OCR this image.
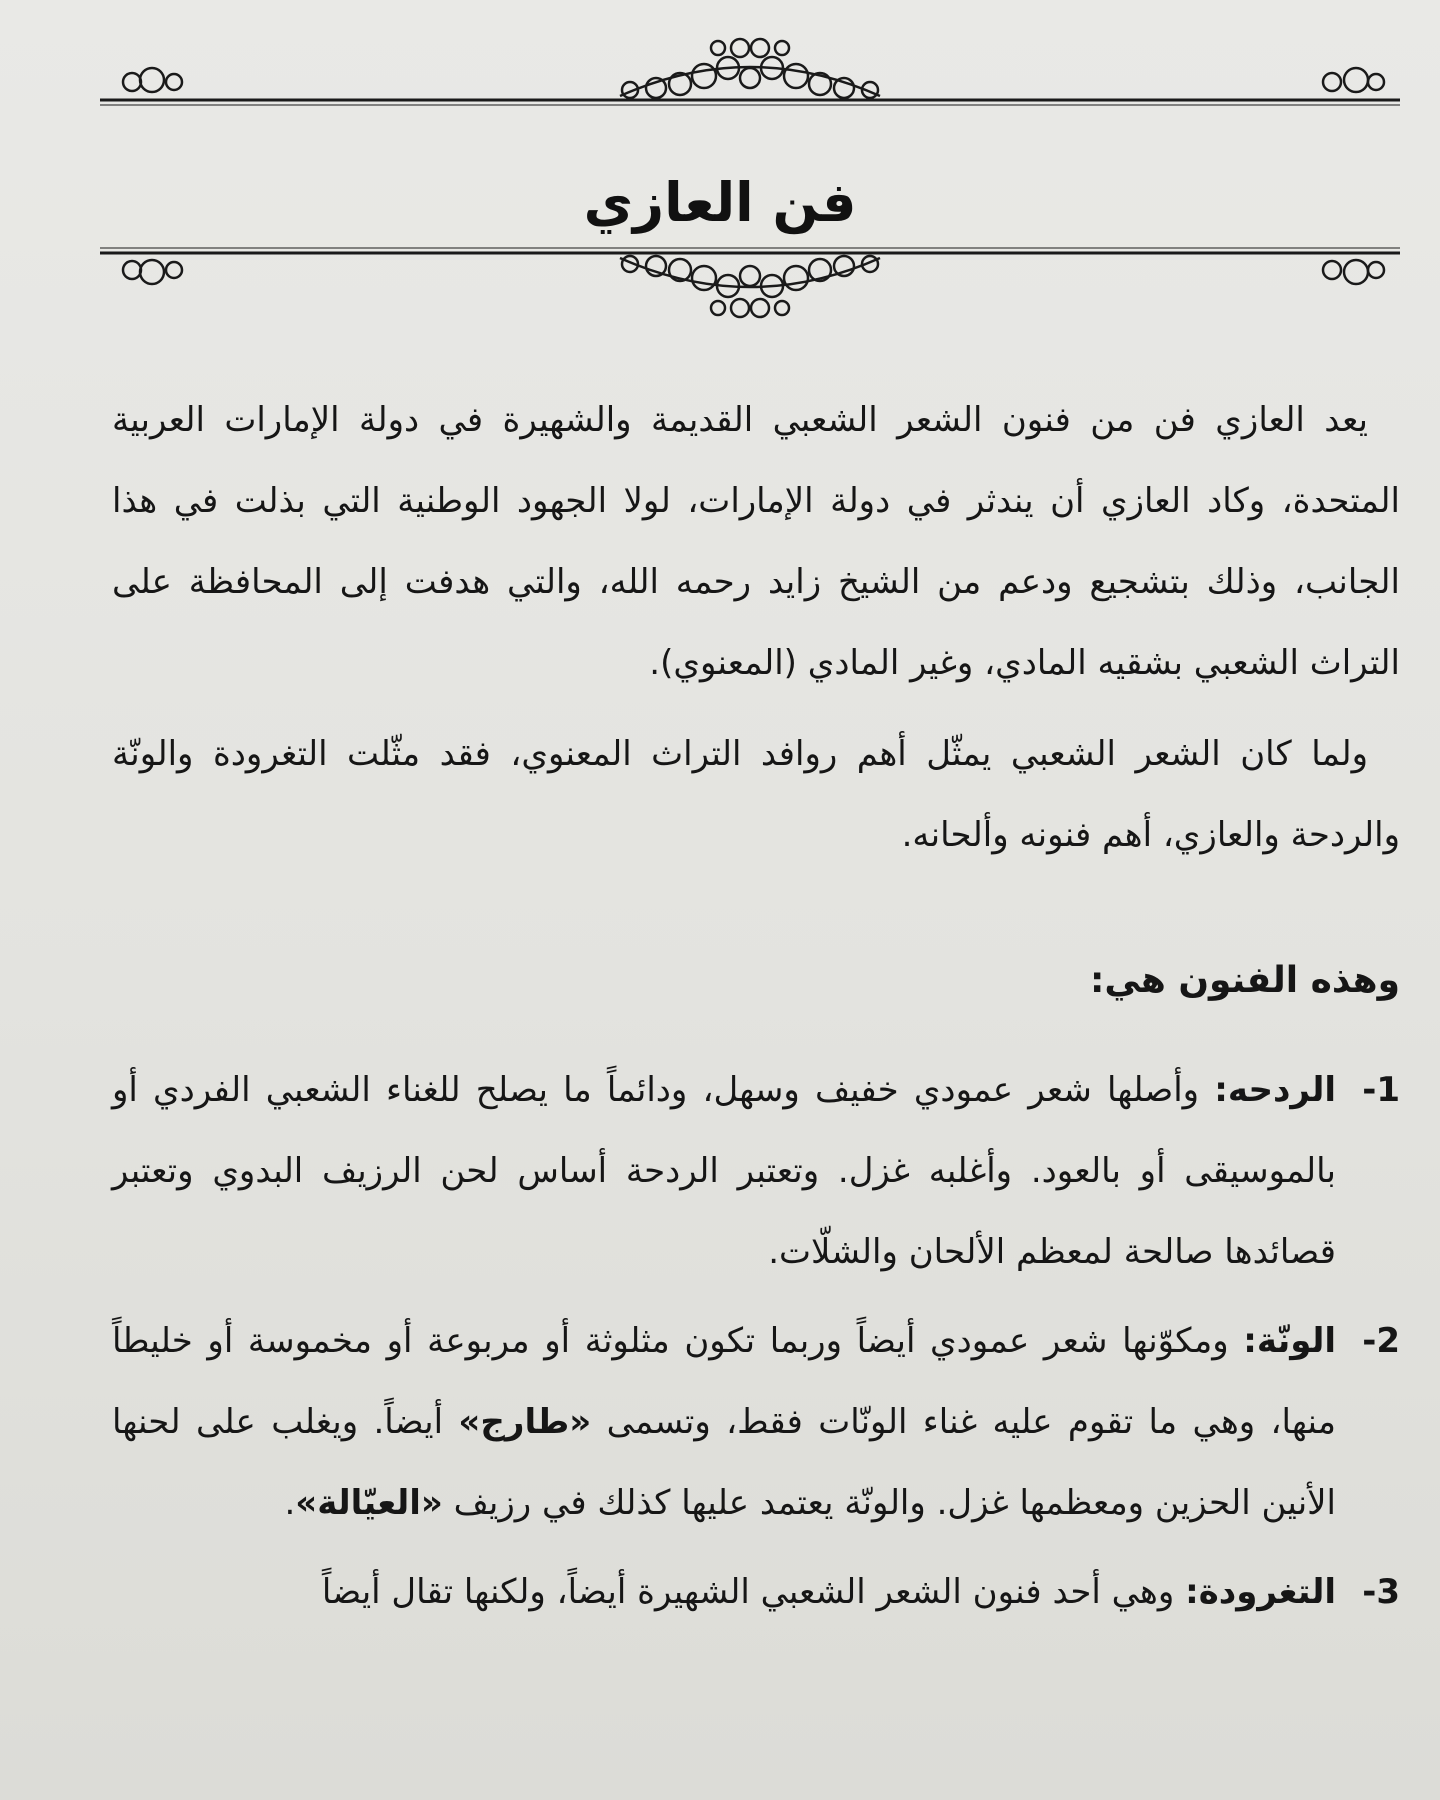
فن العازي

يعد العازي فن من فنون الشعر الشعبي القديمة والشهيرة في دولة الإمارات العربية المتحدة، وكاد العازي أن يندثر في دولة الإمارات، لولا الجهود الوطنية التي بذلت في هذا الجانب، وذلك بتشجيع ودعم من الشيخ زايد رحمه الله، والتي هدفت إلى المحافظة على التراث الشعبي بشقيه المادي، وغير المادي (المعنوي).

ولما كان الشعر الشعبي يمثّل أهم روافد التراث المعنوي، فقد مثّلت التغرودة والونّة والردحة والعازي، أهم فنونه وألحانه.

وهذه الفنون هي:
1-
الردحه: وأصلها شعر عمودي خفيف وسهل، ودائماً ما يصلح للغناء الشعبي الفردي أو بالموسيقى أو بالعود. وأغلبه غزل. وتعتبر الردحة أساس لحن الرزيف البدوي وتعتبر قصائدها صالحة لمعظم الألحان والشلّات.
2-
الونّة: ومكوّنها شعر عمودي أيضاً وربما تكون مثلوثة أو مربوعة أو مخموسة أو خليطاً منها، وهي ما تقوم عليه غناء الونّات فقط، وتسمى «طارج» أيضاً. ويغلب على لحنها الأنين الحزين ومعظمها غزل. والونّة يعتمد عليها كذلك في رزيف «العيّالة».
3-
التغرودة: وهي أحد فنون الشعر الشعبي الشهيرة أيضاً، ولكنها تقال أيضاً
